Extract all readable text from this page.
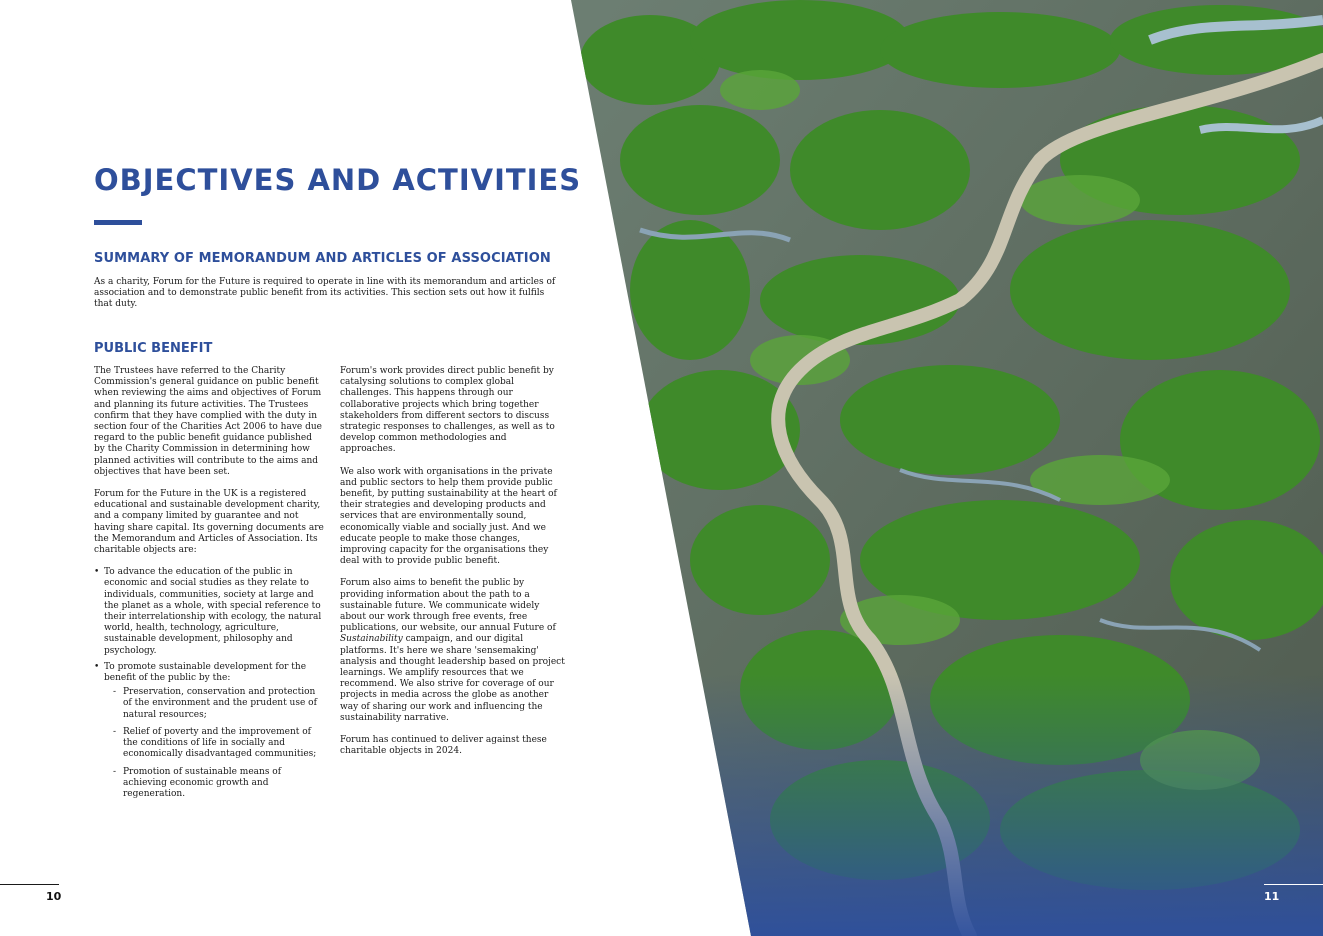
OBJECTIVES AND ACTIVITIES
SUMMARY OF MEMORANDUM AND ARTICLES OF ASSOCIATION

As a charity, Forum for the Future is required to operate in line with its memorandum and articles of association and to demonstrate public benefit from its activities. This section sets out how it fulfils that duty.

PUBLIC BENEFIT

The Trustees have referred to the Charity Commission's general guidance on public benefit when reviewing the aims and objectives of Forum and planning its future activities. The Trustees confirm that they have complied with the duty in section four of the Charities Act 2006 to have due regard to the public benefit guidance published by the Charity Commission in determining how planned activities will contribute to the aims and objectives that have been set.

Forum for the Future in the UK is a registered educational and sustainable development charity, and a company limited by guarantee and not having share capital. Its governing documents are the Memorandum and Articles of Association. Its charitable objects are:

• To advance the education of the public in economic and social studies as they relate to individuals, communities, society at large and the planet as a whole, with special reference to their interrelationship with ecology, the natural world, health, technology, agriculture, sustainable development, philosophy and psychology.
• To promote sustainable development for the benefit of the public by the:
- Preservation, conservation and protection of the environment and the prudent use of natural resources;
- Relief of poverty and the improvement of the conditions of life in socially and economically disadvantaged communities;
- Promotion of sustainable means of achieving economic growth and regeneration.

Forum's work provides direct public benefit by catalysing solutions to complex global challenges. This happens through our collaborative projects which bring together stakeholders from different sectors to discuss strategic responses to challenges, as well as to develop common methodologies and approaches.

We also work with organisations in the private and public sectors to help them provide public benefit, by putting sustainability at the heart of their strategies and developing products and services that are environmentally sound, economically viable and socially just. And we educate people to make those changes, improving capacity for the organisations they deal with to provide public benefit.

Forum also aims to benefit the public by providing information about the path to a sustainable future. We communicate widely about our work through free events, free publications, our website, our annual Future of Sustainability campaign, and our digital platforms. It's here we share 'sensemaking' analysis and thought leadership based on project learnings. We amplify resources that we recommend. We also strive for coverage of our projects in media across the globe as another way of sharing our work and influencing the sustainability narrative.

Forum has continued to deliver against these charitable objects in 2024.

10	11
